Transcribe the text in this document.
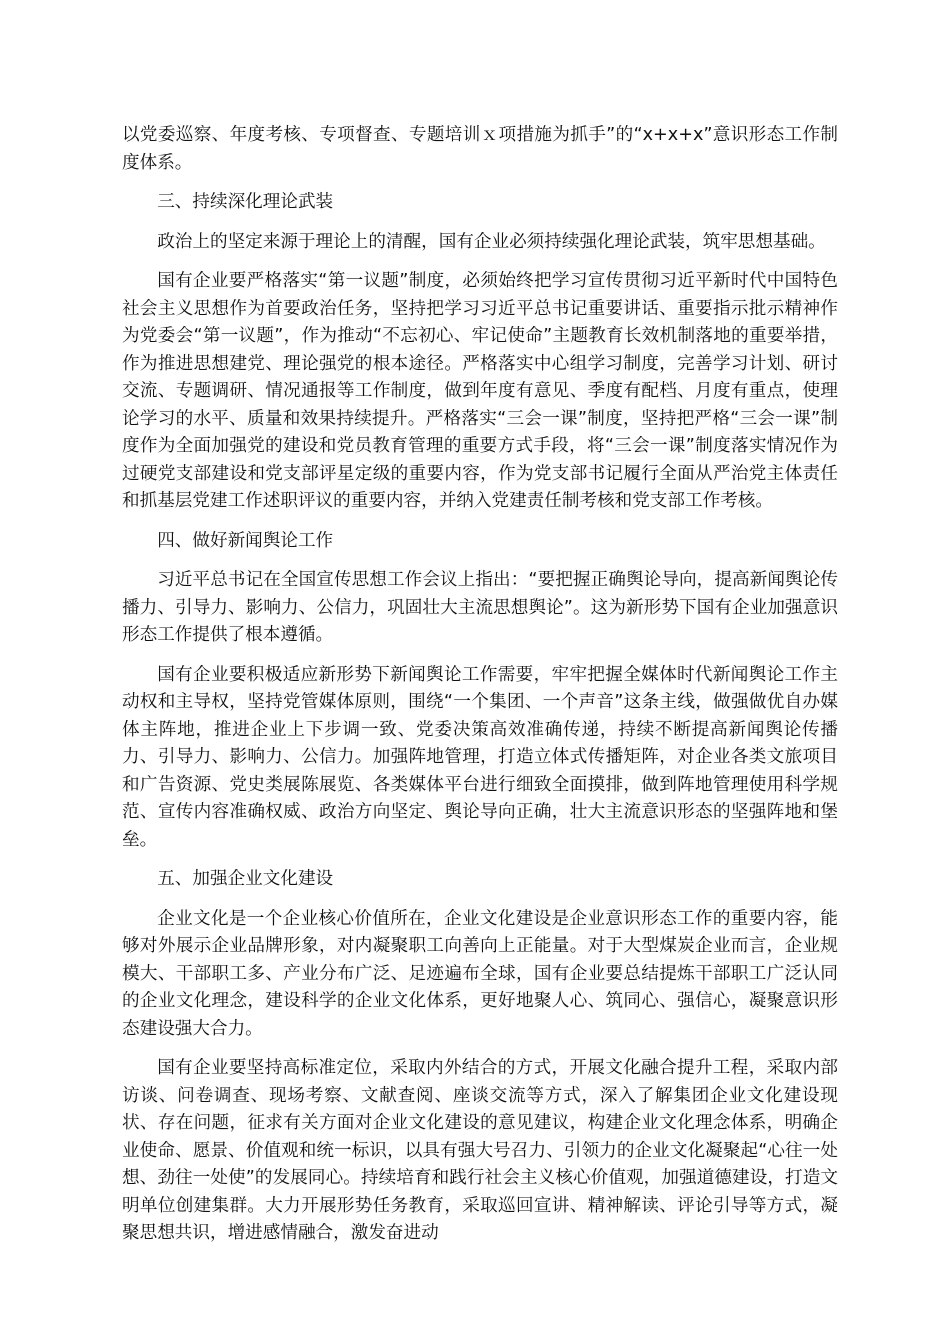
以党委巡察、年度考核、专项督查、专题培训ｘ项措施为抓手”的“x+x+x”意识形态工作制度体系。

三、持续深化理论武装

政治上的坚定来源于理论上的清醒，国有企业必须持续强化理论武装，筑牢思想基础。

国有企业要严格落实“第一议题”制度，必须始终把学习宣传贯彻习近平新时代中国特色社会主义思想作为首要政治任务，坚持把学习习近平总书记重要讲话、重要指示批示精神作为党委会“第一议题”，作为推动“不忘初心、牢记使命”主题教育长效机制落地的重要举措，作为推进思想建党、理论强党的根本途径。严格落实中心组学习制度，完善学习计划、研讨交流、专题调研、情况通报等工作制度，做到年度有意见、季度有配档、月度有重点，使理论学习的水平、质量和效果持续提升。严格落实“三会一课”制度，坚持把严格“三会一课”制度作为全面加强党的建设和党员教育管理的重要方式手段，将“三会一课”制度落实情况作为过硬党支部建设和党支部评星定级的重要内容，作为党支部书记履行全面从严治党主体责任和抓基层党建工作述职评议的重要内容，并纳入党建责任制考核和党支部工作考核。

四、做好新闻舆论工作

习近平总书记在全国宣传思想工作会议上指出：“要把握正确舆论导向，提高新闻舆论传播力、引导力、影响力、公信力，巩固壮大主流思想舆论”。这为新形势下国有企业加强意识形态工作提供了根本遵循。

国有企业要积极适应新形势下新闻舆论工作需要，牢牢把握全媒体时代新闻舆论工作主动权和主导权，坚持党管媒体原则，围绕“一个集团、一个声音”这条主线，做强做优自办媒体主阵地，推进企业上下步调一致、党委决策高效准确传递，持续不断提高新闻舆论传播力、引导力、影响力、公信力。加强阵地管理，打造立体式传播矩阵，对企业各类文旅项目和广告资源、党史类展陈展览、各类媒体平台进行细致全面摸排，做到阵地管理使用科学规范、宣传内容准确权威、政治方向坚定、舆论导向正确，壮大主流意识形态的坚强阵地和堡垒。

五、加强企业文化建设

企业文化是一个企业核心价值所在，企业文化建设是企业意识形态工作的重要内容，能够对外展示企业品牌形象，对内凝聚职工向善向上正能量。对于大型煤炭企业而言，企业规模大、干部职工多、产业分布广泛、足迹遍布全球，国有企业要总结提炼干部职工广泛认同的企业文化理念，建设科学的企业文化体系，更好地聚人心、筑同心、强信心，凝聚意识形态建设强大合力。

国有企业要坚持高标准定位，采取内外结合的方式，开展文化融合提升工程，采取内部访谈、问卷调查、现场考察、文献查阅、座谈交流等方式，深入了解集团企业文化建设现状、存在问题，征求有关方面对企业文化建设的意见建议，构建企业文化理念体系，明确企业使命、愿景、价值观和统一标识，以具有强大号召力、引领力的企业文化凝聚起“心往一处想、劲往一处使”的发展同心。持续培育和践行社会主义核心价值观，加强道德建设，打造文明单位创建集群。大力开展形势任务教育，采取巡回宣讲、精神解读、评论引导等方式，凝聚思想共识，增进感情融合，激发奋进动
